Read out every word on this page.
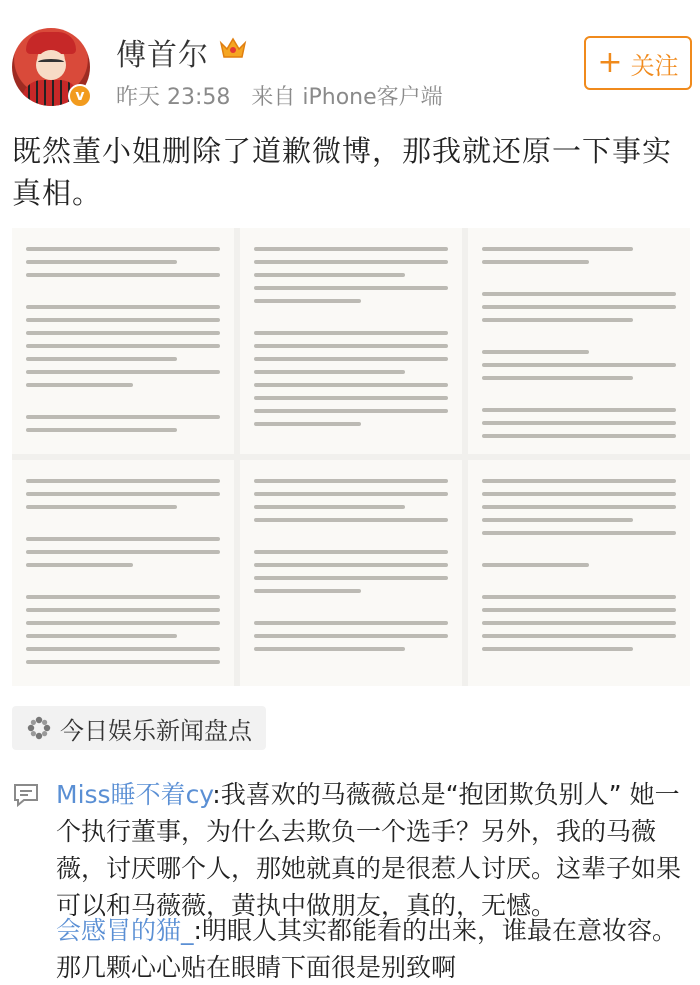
v
傅首尔
昨天 23:58 来自 iPhone客户端
+ 关注
既然董小姐删除了道歉微博，那我就还原一下事实真相。
今日娱乐新闻盘点
Miss睡不着cy:我喜欢的马薇薇总是“抱团欺负别人” 她一个执行董事，为什么去欺负一个选手？另外，我的马薇薇，讨厌哪个人，那她就真的是很惹人讨厌。这辈子如果可以和马薇薇，黄执中做朋友，真的，无憾。
会感冒的猫_:明眼人其实都能看的出来，谁最在意妆容。那几颗心心贴在眼睛下面很是别致啊
